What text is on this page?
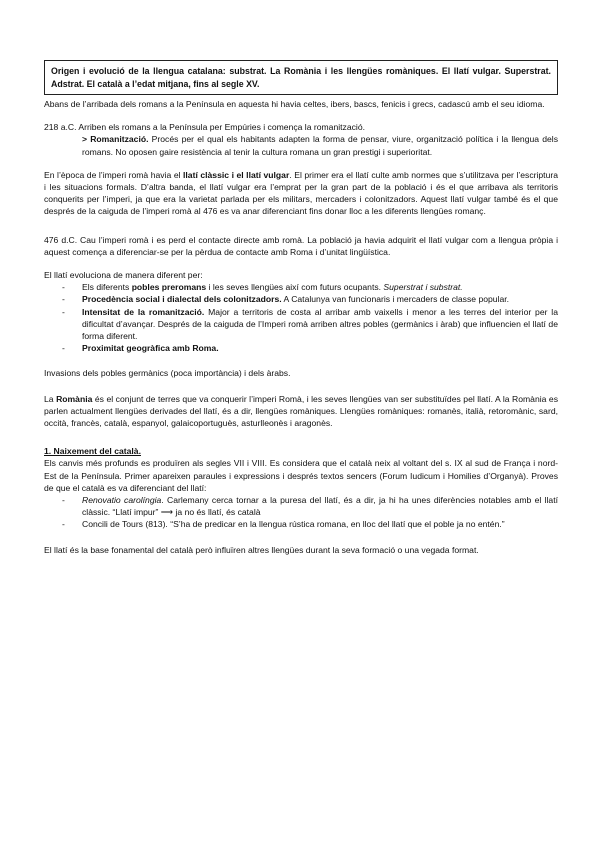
Origen i evolució de la llengua catalana: substrat. La Romània i les llengües romàniques. El llatí vulgar. Superstrat. Adstrat. El català a l’edat mitjana, fins al segle XV.

Abans de l’arribada dels romans a la Península en aquesta hi havia celtes, ibers, bascs, fenicis i grecs, cadascú amb el seu idioma.

218 a.C. Arriben els romans a la Península per Empúries i comença la romanització.

> Romanització. Procés per el qual els habitants adapten la forma de pensar, viure, organització política i la llengua dels romans. No oposen gaire resistència al tenir la cultura romana un gran prestigi i superioritat.

En l’època de l’imperi romà havia el llatí clàssic i el llatí vulgar. El primer era el llatí culte amb normes que s’utilitzava per l’escriptura i les situacions formals. D’altra banda, el llatí vulgar era l’emprat per la gran part de la població i és el que arribava als territoris conquerits per l’imperi, ja que era la varietat parlada per els militars, mercaders i colonitzadors. Aquest llatí vulgar també és el que després de la caiguda de l’imperi romà al 476 es va anar diferenciant fins donar lloc a les diferents llengües romanç.

476 d.C. Cau l’imperi romà i es perd el contacte directe amb romà. La població ja havia adquirit el llatí vulgar com a llengua pròpia i aquest comença a diferenciar-se per la pèrdua de contacte amb Roma i d’unitat lingüística.

El llatí evoluciona de manera diferent per:

- Els diferents pobles preromans i les seves llengües així com futurs ocupants. Superstrat i substrat.
- Procedència social i dialectal dels colonitzadors. A Catalunya van funcionaris i mercaders de classe popular.
- Intensitat de la romanització. Major a territoris de costa al arribar amb vaixells i menor a les terres del interior per la dificultat d’avançar. Després de la caiguda de l’Imperi romà arriben altres pobles (germànics i àrab) que influencien el llatí de forma diferent.
- Proximitat geogràfica amb Roma.

Invasions dels pobles germànics (poca importància) i dels àrabs.

La Romània és el conjunt de terres que va conquerir l’imperi Romà, i les seves llengües van ser substituïdes pel llatí. A la Romània es parlen actualment llengües derivades del llatí, és a dir, llengües romàniques. Llengües romàniques: romanès, italià, retoromànic, sard, occità, francès, català, espanyol, galaicoportuguès, asturlleonès i aragonès.

1. Naixement del català.

Els canvis més profunds es produïren als segles VII i VIII. Es considera que el català neix al voltant del s. IX al sud de França i nord-Est de la Península. Primer apareixen paraules i expressions i després textos sencers (Forum Iudicum i Homilies d’Organyà). Proves de que el català es va diferenciant del llatí:

- Renovatio carolíngia. Carlemany cerca tornar a la puresa del llatí, és a dir, ja hi ha unes diferències notables amb el llatí clàssic. “Llatí impur” ⟶ ja no és llatí, és català
- Concili de Tours (813). “S’ha de predicar en la llengua rústica romana, en lloc del llatí que el poble ja no entén.”

El llatí és la base fonamental del català però influïren altres llengües durant la seva formació o una vegada format.
